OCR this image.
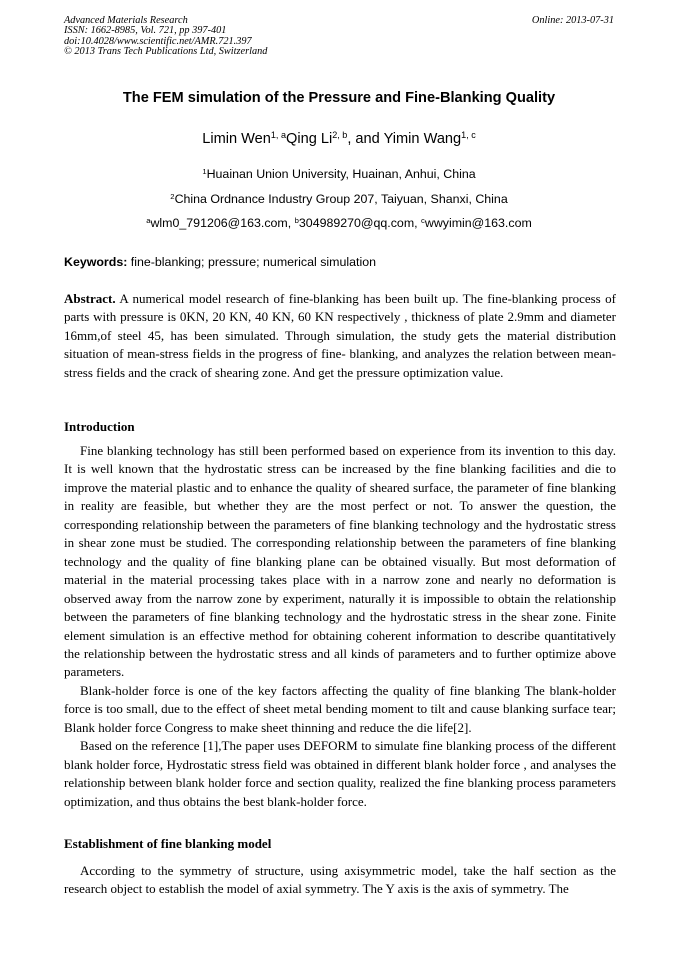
Advanced Materials Research
ISSN: 1662-8985, Vol. 721, pp 397-401
doi:10.4028/www.scientific.net/AMR.721.397
© 2013 Trans Tech Publications Ltd, Switzerland
Online: 2013-07-31
The FEM simulation of the Pressure and Fine-Blanking Quality
Limin Wen$^{1, a}$Qing Li$^{2, b}$, and Yimin Wang$^{1, c}$
$^1$Huainan Union University, Huainan, Anhui, China
$^2$China Ordnance Industry Group 207, Taiyuan, Shanxi, China
$^a$wlm0_791206@163.com, $^b$304989270@qq.com, $^c$wwyimin@163.com
Keywords: fine-blanking; pressure; numerical simulation
Abstract. A numerical model research of fine-blanking has been built up. The fine-blanking process of parts with pressure is 0KN, 20 KN, 40 KN, 60 KN respectively , thickness of plate 2.9mm and diameter 16mm,of steel 45, has been simulated. Through simulation, the study gets the material distribution situation of mean-stress fields in the progress of fine- blanking, and analyzes the relation between mean-stress fields and the crack of shearing zone. And get the pressure optimization value.
Introduction

Fine blanking technology has still been performed based on experience from its invention to this day. It is well known that the hydrostatic stress can be increased by the fine blanking facilities and die to improve the material plastic and to enhance the quality of sheared surface, the parameter of fine blanking in reality are feasible, but whether they are the most perfect or not. To answer the question, the corresponding relationship between the parameters of fine blanking technology and the hydrostatic stress in shear zone must be studied. The corresponding relationship between the parameters of fine blanking technology and the quality of fine blanking plane can be obtained visually. But most deformation of material in the material processing takes place with in a narrow zone and nearly no deformation is observed away from the narrow zone by experiment, naturally it is impossible to obtain the relationship between the parameters of fine blanking technology and the hydrostatic stress in the shear zone. Finite element simulation is an effective method for obtaining coherent information to describe quantitatively the relationship between the hydrostatic stress and all kinds of parameters and to further optimize above parameters.

Blank-holder force is one of the key factors affecting the quality of fine blanking The blank-holder force is too small, due to the effect of sheet metal bending moment to tilt and cause blanking surface tear; Blank holder force Congress to make sheet thinning and reduce the die life[2].

Based on the reference [1],The paper uses DEFORM to simulate fine blanking process of the different blank holder force, Hydrostatic stress field was obtained in different blank holder force , and analyses the relationship between blank holder force and section quality, realized the fine blanking process parameters optimization, and thus obtains the best blank-holder force.

Establishment of fine blanking model

According to the symmetry of structure, using axisymmetric model, take the half section as the research object to establish the model of axial symmetry. The Y axis is the axis of symmetry. The
